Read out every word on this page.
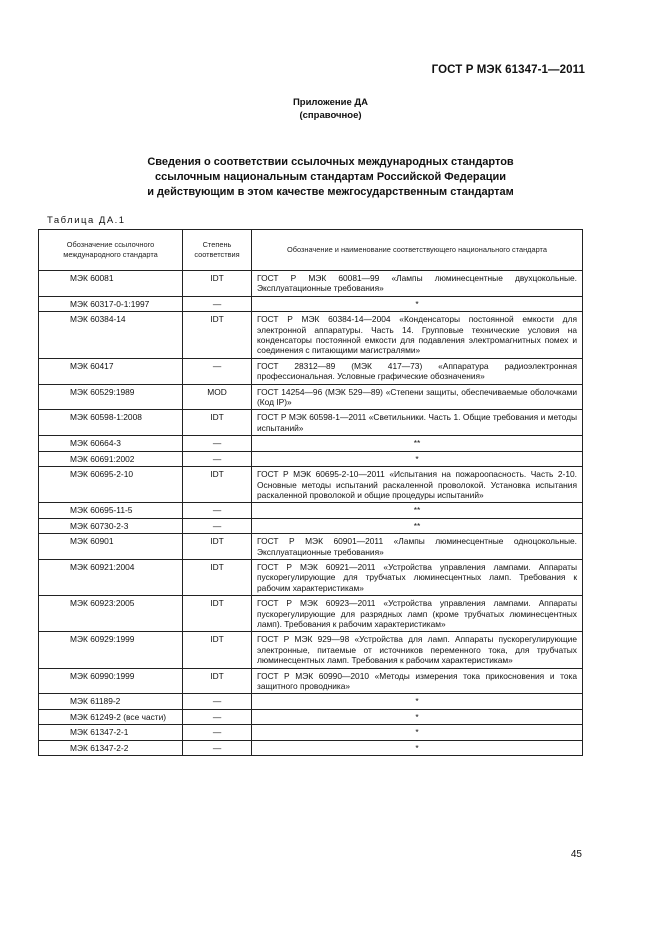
ГОСТ Р МЭК 61347-1—2011
Приложение ДА
(справочное)
Сведения о соответствии ссылочных международных стандартов
ссылочным национальным стандартам Российской Федерации
и действующим в этом качестве межгосударственным стандартам
Таблица ДА.1
Обозначение ссылочного международного стандарта	Степень соответствия	Обозначение и наименование соответствующего национального стандарта
МЭК 60081	IDT	ГОСТ Р МЭК 60081—99 «Лампы люминесцентные двухцокольные. Эксплуатационные требования»
МЭК 60317-0-1:1997	—	*
МЭК 60384-14	IDT	ГОСТ Р МЭК 60384-14—2004 «Конденсаторы постоянной емкости для электронной аппаратуры. Часть 14. Групповые технические условия на конденсаторы постоянной емкости для подавления электромагнитных помех и соединения с питающими магистралями»
МЭК 60417	—	ГОСТ 28312—89 (МЭК 417—73) «Аппаратура радиоэлектронная профессиональная. Условные графические обозначения»
МЭК 60529:1989	MOD	ГОСТ 14254—96 (МЭК 529—89) «Степени защиты, обеспечиваемые оболочками (Код IP)»
МЭК 60598-1:2008	IDT	ГОСТ Р МЭК 60598-1—2011 «Светильники. Часть 1. Общие требования и методы испытаний»
МЭК 60664-3	—	**
МЭК 60691:2002	—	*
МЭК 60695-2-10	IDT	ГОСТ Р МЭК 60695-2-10—2011 «Испытания на пожароопасность. Часть 2-10. Основные методы испытаний раскаленной проволокой. Установка испытания раскаленной проволокой и общие процедуры испытаний»
МЭК 60695-11-5	—	**
МЭК 60730-2-3	—	**
МЭК 60901	IDT	ГОСТ Р МЭК 60901—2011 «Лампы люминесцентные одноцокольные. Эксплуатационные требования»
МЭК 60921:2004	IDT	ГОСТ Р МЭК 60921—2011 «Устройства управления лампами. Аппараты пускорегулирующие для трубчатых люминесцентных ламп. Требования к рабочим характеристикам»
МЭК 60923:2005	IDT	ГОСТ Р МЭК 60923—2011 «Устройства управления лампами. Аппараты пускорегулирующие для разрядных ламп (кроме трубчатых люминесцентных ламп). Требования к рабочим характеристикам»
МЭК 60929:1999	IDT	ГОСТ Р МЭК 929—98 «Устройства для ламп. Аппараты пускорегулирующие электронные, питаемые от источников переменного тока, для трубчатых люминесцентных ламп. Требования к рабочим характеристикам»
МЭК 60990:1999	IDT	ГОСТ Р МЭК 60990—2010 «Методы измерения тока прикосновения и тока защитного проводника»
МЭК 61189-2	—	*
МЭК 61249-2 (все части)	—	*
МЭК 61347-2-1	—	*
МЭК 61347-2-2	—	*
45
